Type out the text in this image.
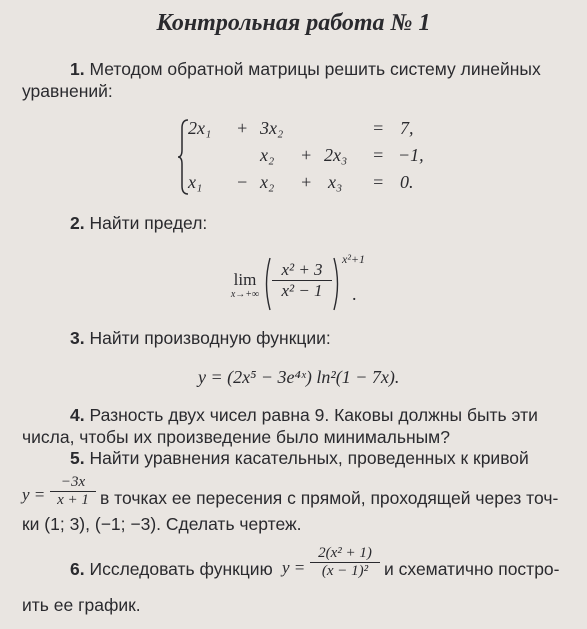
Контрольная работа № 1
1. Методом обратной матрицы решить систему линейных
уравнений:
2x₁ + 3x₂	= 7,
x₂ + 2x₃ = −1,
x₁ − x₂ + x₃ = 0.
2. Найти предел:
lim
$x\to+\infty \frac{\text{x² + 3}}{\text{x² − 1}}$
x²+1
.
3. Найти производную функции:
y = (2x⁵ − 3e⁴ˣ) ln²(1 − 7x).
4. Разность двух чисел равна 9. Каковы должны быть эти
числа, чтобы их произведение было минимальным?
5. Найти уравнения касательных, проведенных к кривой
$y = \frac{-3x}{x + 1}$ в точках ее пересения с прямой, проходящей через точ-
ки (1; 3), (−1; −3). Сделать чертеж.
6. Исследовать функцию $y = \frac{\text{2(x² + 1)}}{\text{(x − 1)²}}$ и схематично постро-
ить ее график.
